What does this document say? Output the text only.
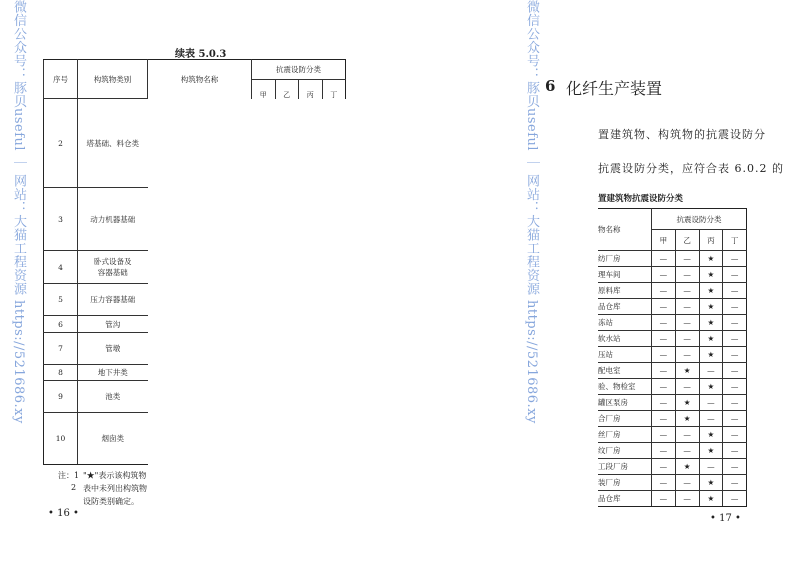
微信公众号：豚贝useful ｜ 网站：大猫工程资源 https://521686.xy	微信公众号：豚贝useful ｜ 网站：大猫工程资源 https://521686.xy
续表 5.0.3
序号	构筑物类别	构筑物名称	抗震设防分类			
			甲	乙	丙	丁
2	塔基础、料仓类					
3	动力机器基础					
4	卧式设备及
容器基础					
5	压力容器基础					
6	管沟					
7	管墩					
8	地下井类					
9	池类					
10	烟囱类					
注：1 "★"表示该构筑物
2 表中未列出构筑物
设防类别确定。
• 16 •
6 化纤生产装置
置建筑物、构筑物的抗震设防分
抗震设防分类，应符合表 6.0.2 的
置建筑物抗震设防分类
物名称	抗震设防分类			
	甲	乙	丙	丁
纺厂房	—	—	★	—
理车间	—	—	★	—
原料库	—	—	★	—
品仓库	—	—	★	—
冻站	—	—	★	—
软水站	—	—	★	—
压站	—	—	★	—
配电室	—	★	—	—
验、物检室	—	—	★	—
罐区泵房	—	★	—	—
合厂房	—	★	—	—
丝厂房	—	—	★	—
纹厂房	—	—	★	—
工段厂房	—	★	—	—
装厂房	—	—	★	—
品仓库	—	—	★	—
• 17 •
